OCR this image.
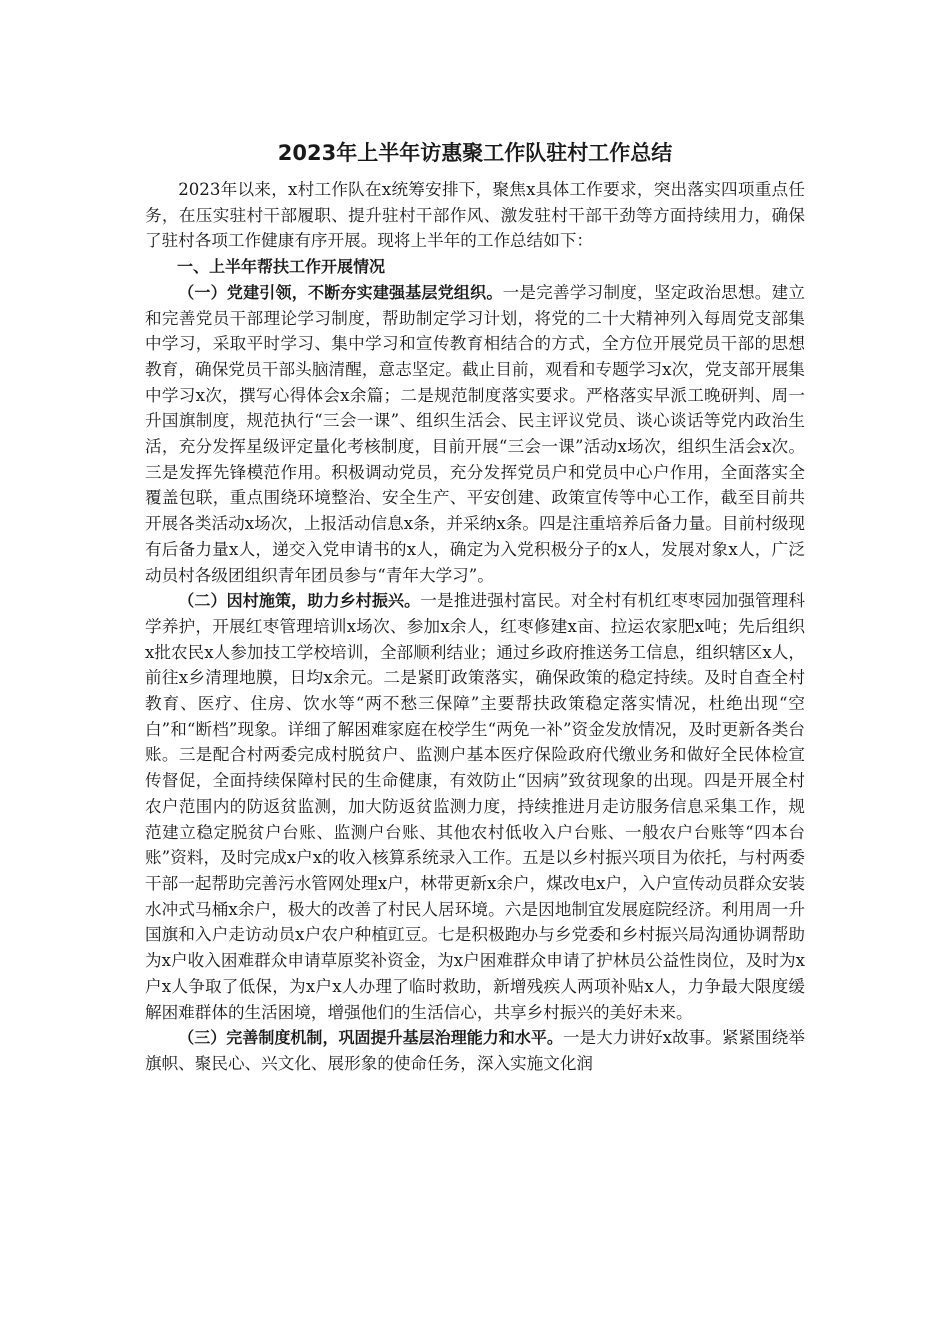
2023年上半年访惠聚工作队驻村工作总结

2023年以来，x村工作队在x统筹安排下，聚焦x具体工作要求，突出落实四项重点任务，在压实驻村干部履职、提升驻村干部作风、激发驻村干部干劲等方面持续用力，确保了驻村各项工作健康有序开展。现将上半年的工作总结如下：

一、上半年帮扶工作开展情况

（一）党建引领，不断夯实建强基层党组织。一是完善学习制度，坚定政治思想。建立和完善党员干部理论学习制度，帮助制定学习计划，将党的二十大精神列入每周党支部集中学习，采取平时学习、集中学习和宣传教育相结合的方式，全方位开展党员干部的思想教育，确保党员干部头脑清醒，意志坚定。截止目前，观看和专题学习x次，党支部开展集中学习x次，撰写心得体会x余篇；二是规范制度落实要求。严格落实早派工晚研判、周一升国旗制度，规范执行“三会一课”、组织生活会、民主评议党员、谈心谈话等党内政治生活，充分发挥星级评定量化考核制度，目前开展“三会一课”活动x场次，组织生活会x次。三是发挥先锋模范作用。积极调动党员，充分发挥党员户和党员中心户作用，全面落实全覆盖包联，重点围绕环境整治、安全生产、平安创建、政策宣传等中心工作，截至目前共开展各类活动x场次，上报活动信息x条，并采纳x条。四是注重培养后备力量。目前村级现有后备力量x人，递交入党申请书的x人，确定为入党积极分子的x人，发展对象x人，广泛动员村各级团组织青年团员参与“青年大学习”。

（二）因村施策，助力乡村振兴。一是推进强村富民。对全村有机红枣枣园加强管理科学养护，开展红枣管理培训x场次、参加x余人，红枣修建x亩、拉运农家肥x吨；先后组织x批农民x人参加技工学校培训，全部顺利结业；通过乡政府推送务工信息，组织辖区x人，前往x乡清理地膜，日均x余元。二是紧盯政策落实，确保政策的稳定持续。及时自查全村教育、医疗、住房、饮水等“两不愁三保障”主要帮扶政策稳定落实情况，杜绝出现“空白”和“断档”现象。详细了解困难家庭在校学生“两免一补”资金发放情况，及时更新各类台账。三是配合村两委完成村脱贫户、监测户基本医疗保险政府代缴业务和做好全民体检宣传督促，全面持续保障村民的生命健康，有效防止“因病”致贫现象的出现。四是开展全村农户范围内的防返贫监测，加大防返贫监测力度，持续推进月走访服务信息采集工作，规范建立稳定脱贫户台账、监测户台账、其他农村低收入户台账、一般农户台账等“四本台账”资料，及时完成x户x的收入核算系统录入工作。五是以乡村振兴项目为依托，与村两委干部一起帮助完善污水管网处理x户，林带更新x余户，煤改电x户，入户宣传动员群众安装水冲式马桶x余户，极大的改善了村民人居环境。六是因地制宜发展庭院经济。利用周一升国旗和入户走访动员x户农户种植豇豆。七是积极跑办与乡党委和乡村振兴局沟通协调帮助为x户收入困难群众申请草原奖补资金，为x户困难群众申请了护林员公益性岗位，及时为x户x人争取了低保，为x户x人办理了临时救助，新增残疾人两项补贴x人，力争最大限度缓解困难群体的生活困境，增强他们的生活信心，共享乡村振兴的美好未来。

（三）完善制度机制，巩固提升基层治理能力和水平。一是大力讲好x故事。紧紧围绕举旗帜、聚民心、兴文化、展形象的使命任务，深入实施文化润
